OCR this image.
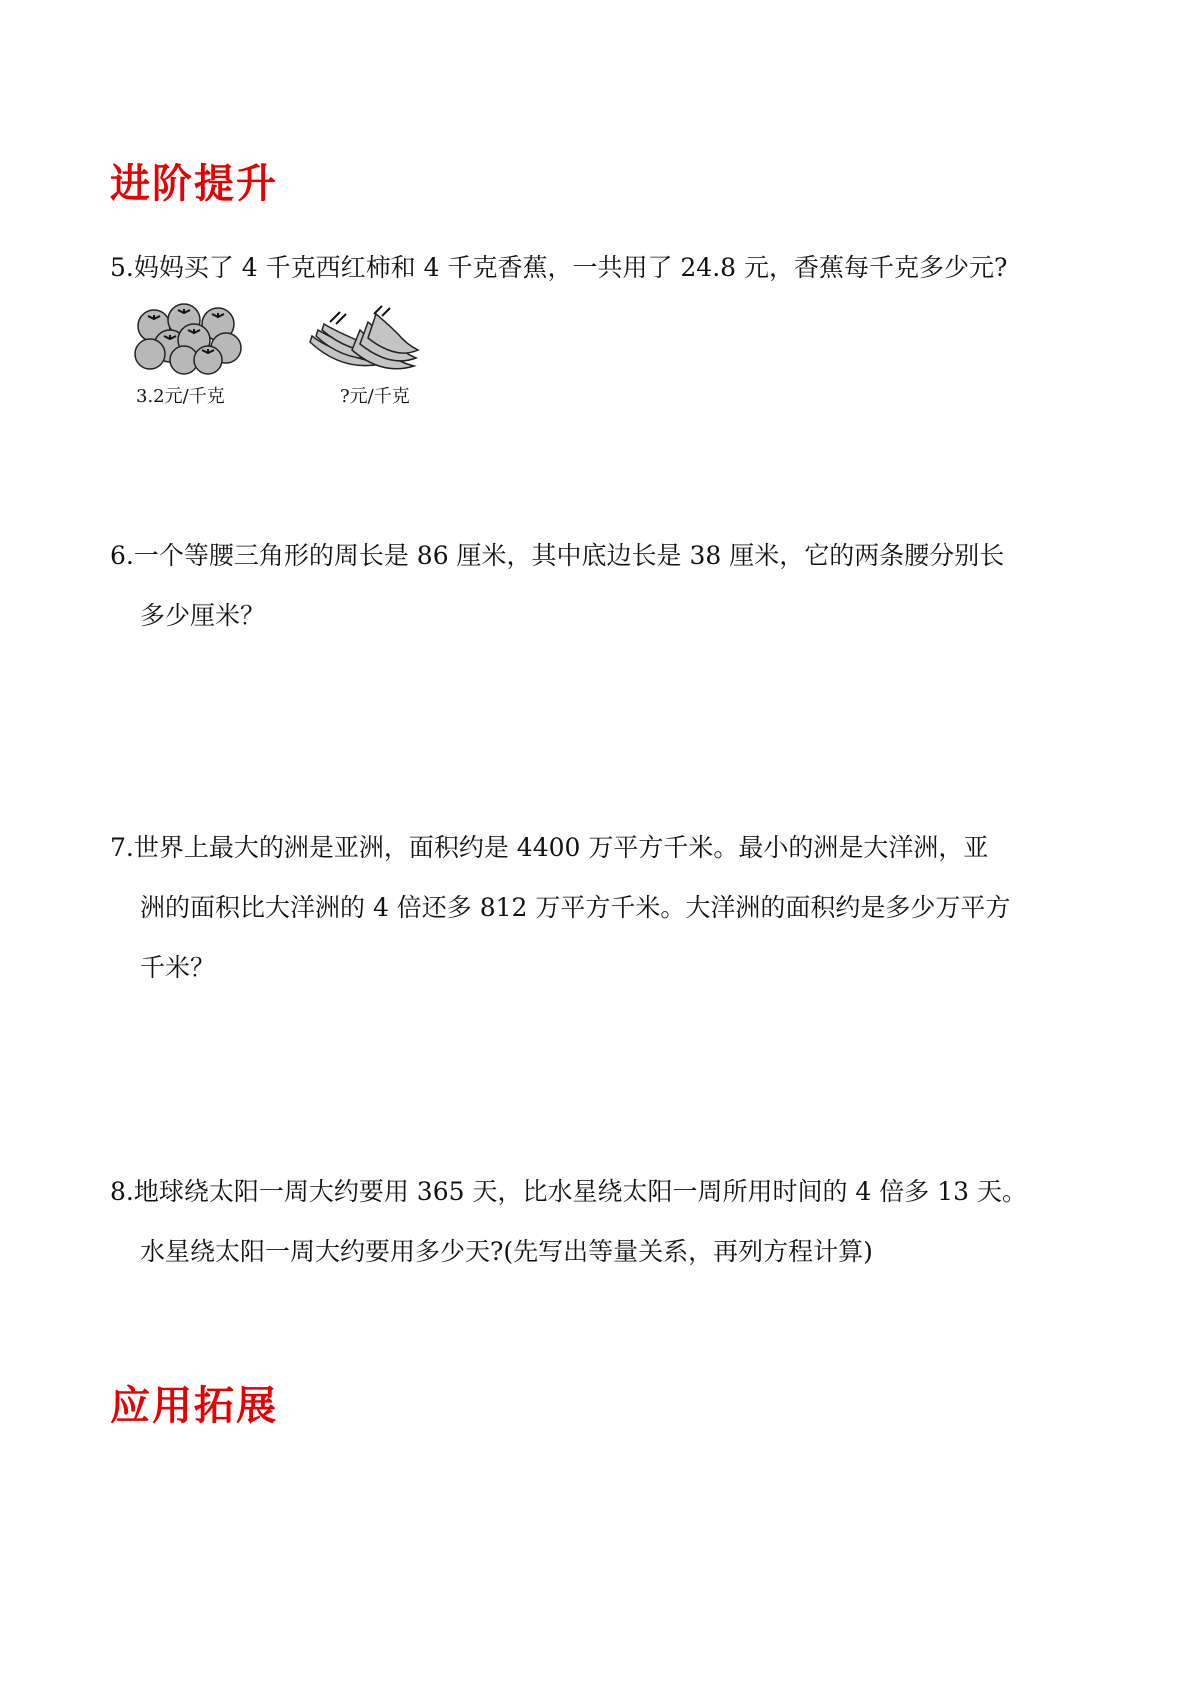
进阶提升
5.妈妈买了 4 千克西红柿和 4 千克香蕉，一共用了 24.8 元，香蕉每千克多少元?
3.2元/千克	?元/千克
6.一个等腰三角形的周长是 86 厘米，其中底边长是 38 厘米，它的两条腰分别长
多少厘米？
7.世界上最大的洲是亚洲，面积约是 4400 万平方千米。最小的洲是大洋洲，亚
洲的面积比大洋洲的 4 倍还多 812 万平方千米。大洋洲的面积约是多少万平方
千米？
8.地球绕太阳一周大约要用 365 天，比水星绕太阳一周所用时间的 4 倍多 13 天。
水星绕太阳一周大约要用多少天?(先写出等量关系，再列方程计算)
应用拓展
